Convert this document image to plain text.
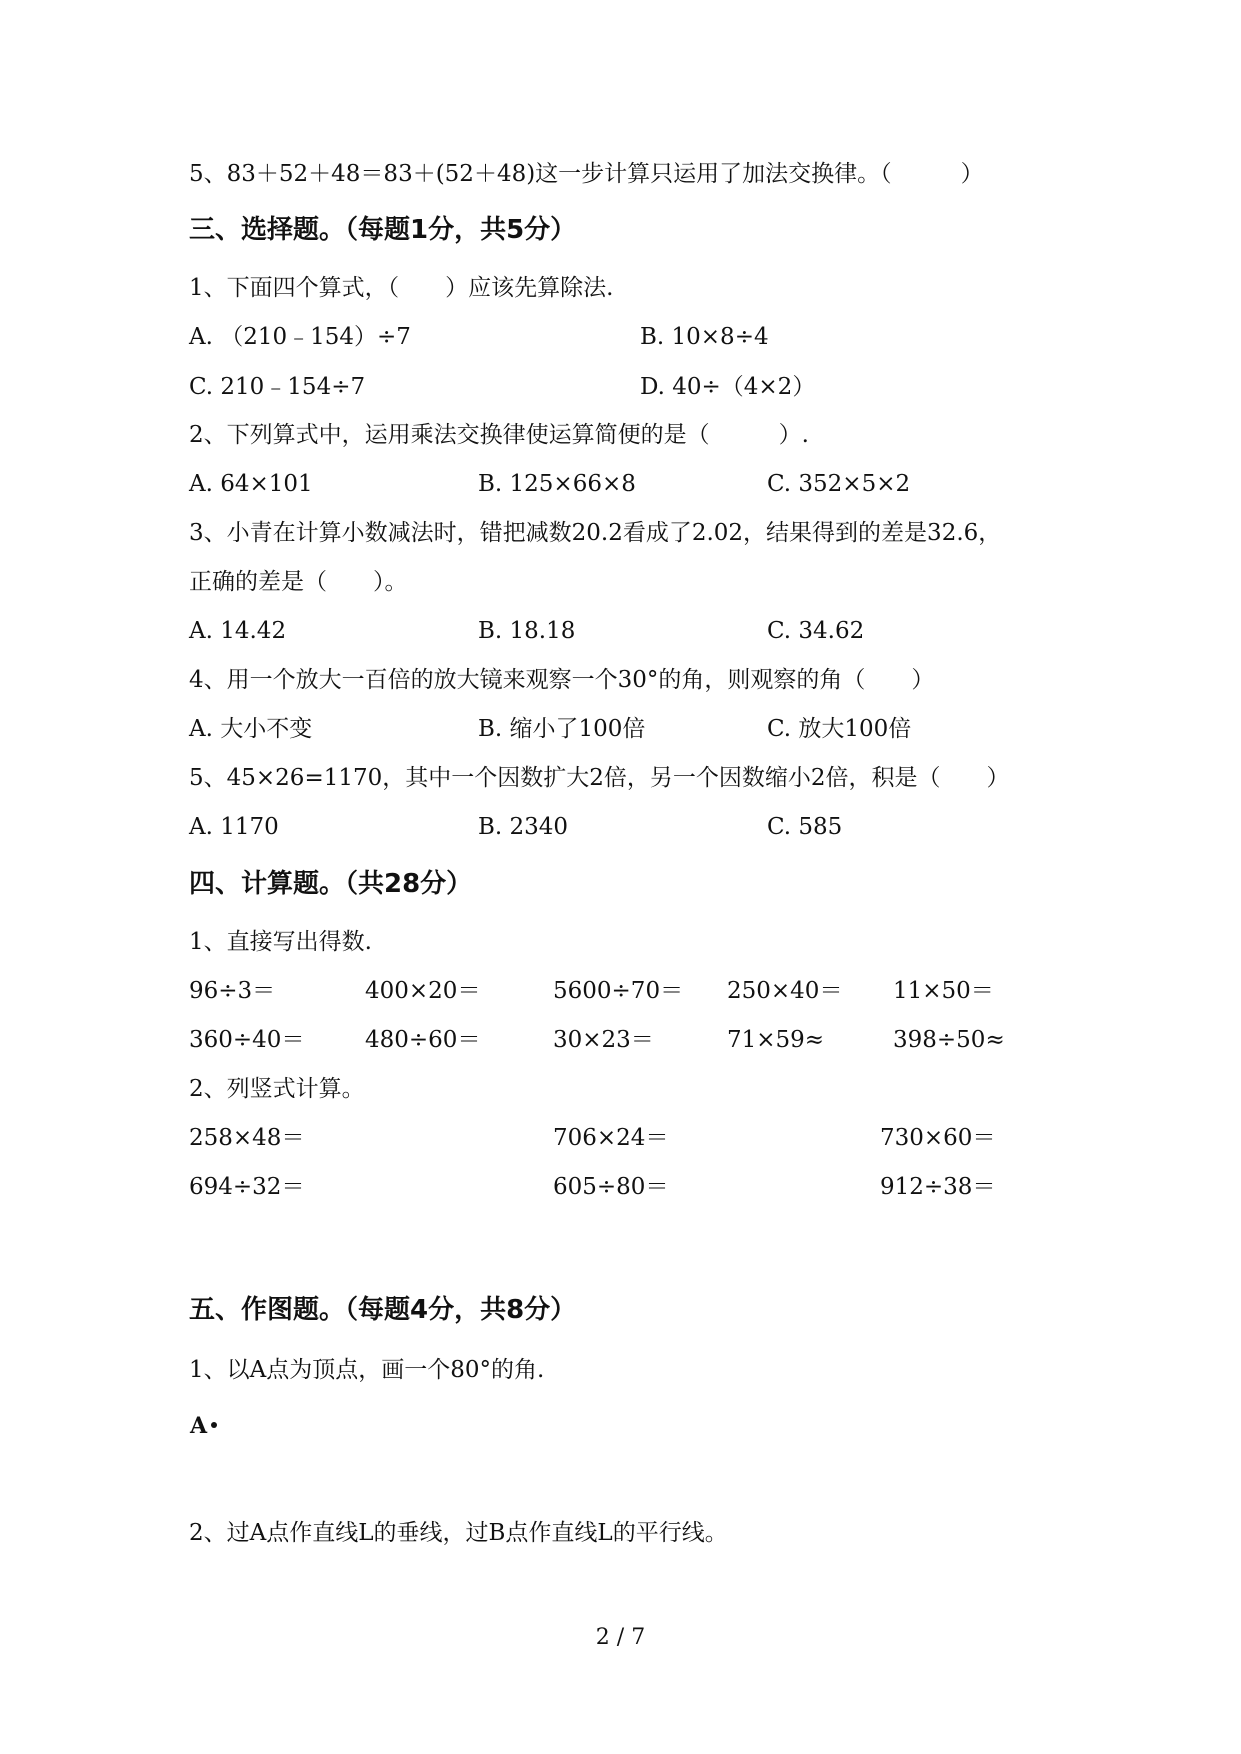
5、83＋52＋48＝83＋(52＋48)这一步计算只运用了加法交换律。（　　　）
三、选择题。（每题1分，共5分）
1、下面四个算式，（　　）应该先算除法.
A. （210﹣154）÷7	B. 10×8÷4
C. 210﹣154÷7	D. 40÷（4×2）
2、下列算式中，运用乘法交换律使运算简便的是（　　　）.
A. 64×101	B. 125×66×8	C. 352×5×2
3、小青在计算小数减法时，错把减数20.2看成了2.02，结果得到的差是32.6，
正确的差是（　　）。
A. 14.42	B. 18.18	C. 34.62
4、用一个放大一百倍的放大镜来观察一个30°的角，则观察的角（　　）
A. 大小不变	B. 缩小了100倍	C. 放大100倍
5、45×26=1170，其中一个因数扩大2倍，另一个因数缩小2倍，积是（　　）
A. 1170	B. 2340	C. 585
四、计算题。（共28分）
1、直接写出得数.
96÷3＝	400×20＝	5600÷70＝ 250×40＝ 11×50＝
360÷40＝	480÷60＝	30×23＝	71×59≈	398÷50≈
2、列竖式计算。
258×48＝	706×24＝	730×60＝
694÷32＝	605÷80＝	912÷38＝
五、作图题。（每题4分，共8分）
1、以A点为顶点，画一个80°的角.
A
2、过A点作直线L的垂线，过B点作直线L的平行线。
2 / 7
